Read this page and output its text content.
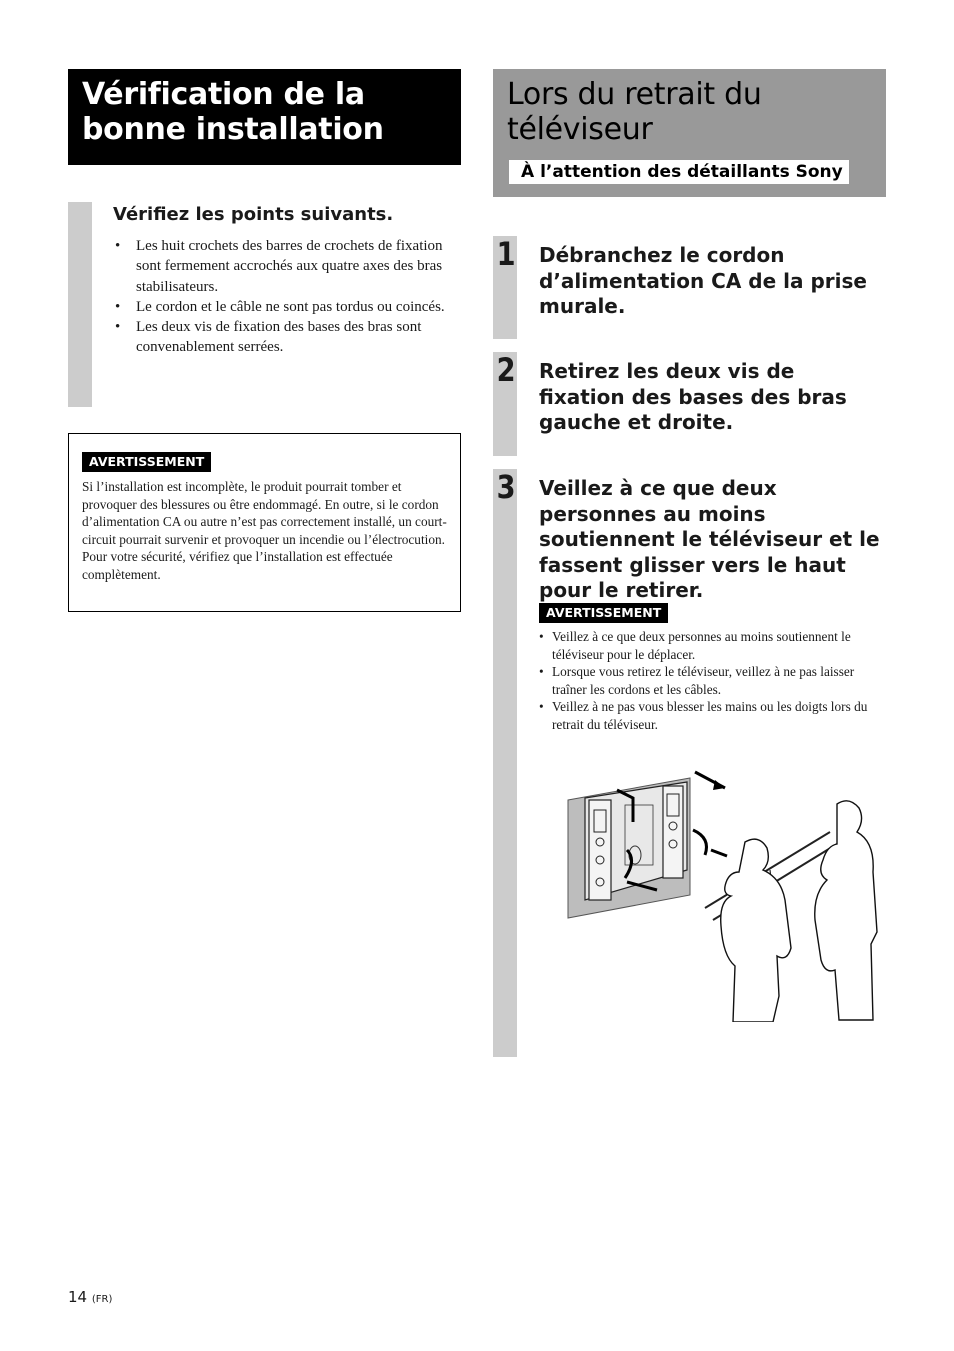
Vérification de la bonne installation
Vérifiez les points suivants.
• Les huit crochets des barres de crochets de fixation sont fermement accrochés aux quatre axes des bras stabilisateurs.
• Le cordon et le câble ne sont pas tordus ou coincés.
• Les deux vis de fixation des bases des bras sont convenablement serrées.
AVERTISSEMENT

Si l’installation est incomplète, le produit pourrait tomber et provoquer des blessures ou être endommagé. En outre, si le cordon d’alimentation CA ou autre n’est pas correctement installé, un court-circuit pourrait survenir et provoquer un incendie ou l’électrocution. Pour votre sécurité, vérifiez que l’installation est effectuée complètement.

Lors du retrait du téléviseur
À l’attention des détaillants Sony
1 Débranchez le cordon d’alimentation CA de la prise murale.

2 Retirez les deux vis de fixation des bases des bras gauche et droite.

3 Veillez à ce que deux personnes au moins soutiennent le téléviseur et le fassent glisser vers le haut pour le retirer.

AVERTISSEMENT
• Veillez à ce que deux personnes au moins soutiennent le téléviseur pour le déplacer.
• Lorsque vous retirez le téléviseur, veillez à ne pas laisser traîner les cordons et les câbles.
• Veillez à ne pas vous blesser les mains ou les doigts lors du retrait du téléviseur.
14 (FR)
